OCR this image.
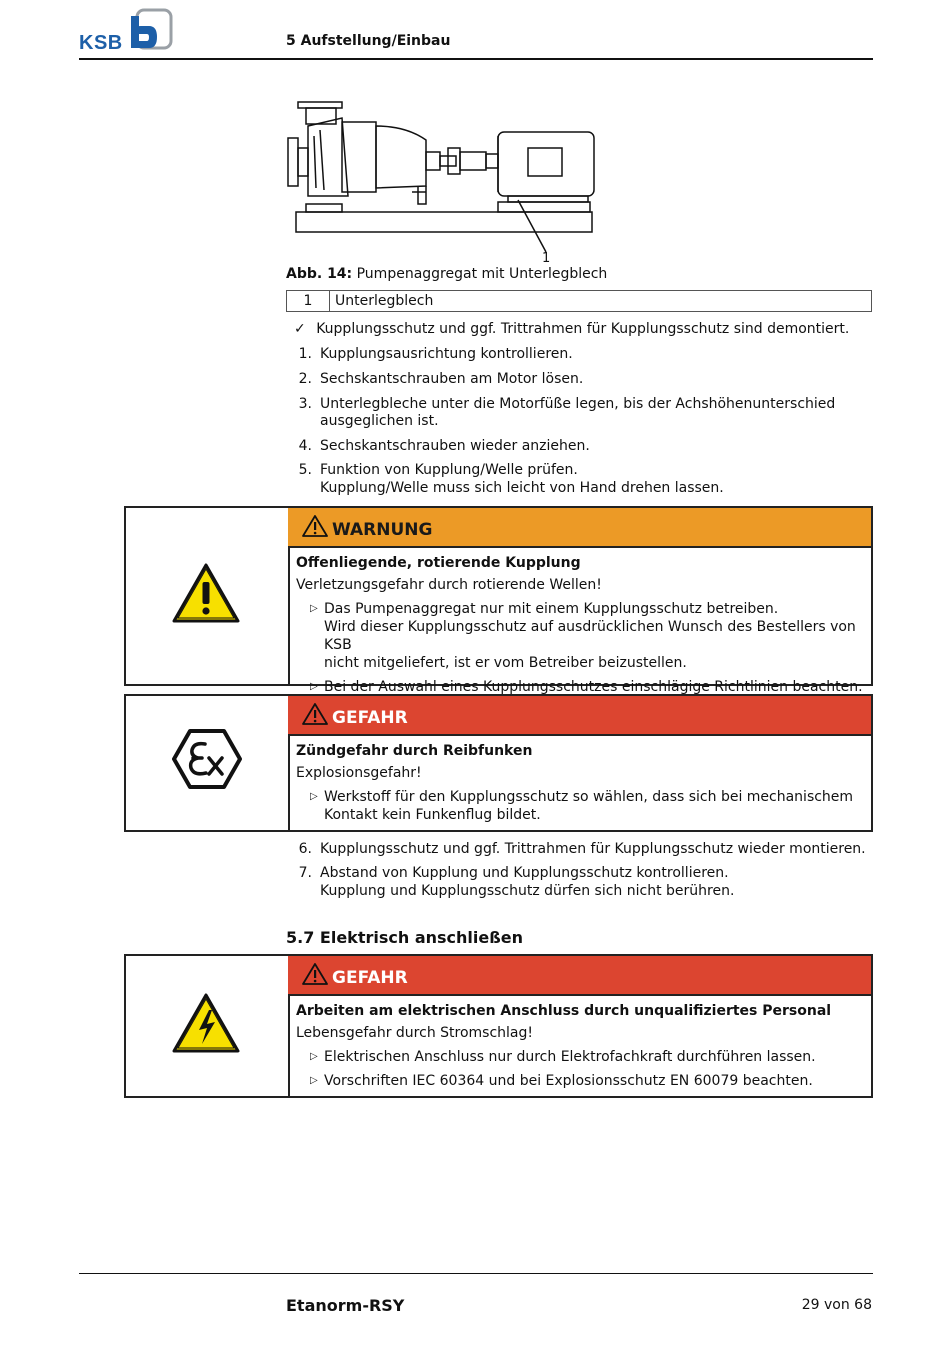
KSB	5 Aufstellung/Einbau
1
Abb. 14: Pumpenaggregat mit Unterlegblech
1	Unterlegblech
✓ Kupplungsschutz und ggf. Trittrahmen für Kupplungsschutz sind demontiert.
1. Kupplungsausrichtung kontrollieren.
2. Sechskantschrauben am Motor lösen.
3. Unterlegbleche unter die Motorfüße legen, bis der Achshöhenunterschied
ausgeglichen ist.
4. Sechskantschrauben wieder anziehen.
5. Funktion von Kupplung/Welle prüfen.
Kupplung/Welle muss sich leicht von Hand drehen lassen.
WARNUNG
Offenliegende, rotierende Kupplung
Verletzungsgefahr durch rotierende Wellen!
▷ Das Pumpenaggregat nur mit einem Kupplungsschutz betreiben.
Wird dieser Kupplungsschutz auf ausdrücklichen Wunsch des Bestellers von KSB
nicht mitgeliefert, ist er vom Betreiber beizustellen.
▷ Bei der Auswahl eines Kupplungsschutzes einschlägige Richtlinien beachten.
GEFAHR
Zündgefahr durch Reibfunken
Explosionsgefahr!
▷ Werkstoff für den Kupplungsschutz so wählen, dass sich bei mechanischem
Kontakt kein Funkenflug bildet.
6. Kupplungsschutz und ggf. Trittrahmen für Kupplungsschutz wieder montieren.
7. Abstand von Kupplung und Kupplungsschutz kontrollieren.
Kupplung und Kupplungsschutz dürfen sich nicht berühren.
5.7 Elektrisch anschließen
GEFAHR
Arbeiten am elektrischen Anschluss durch unqualifiziertes Personal
Lebensgefahr durch Stromschlag!
▷ Elektrischen Anschluss nur durch Elektrofachkraft durchführen lassen.
▷ Vorschriften IEC 60364 und bei Explosionsschutz EN 60079 beachten.
Etanorm-RSY	29 von 68
